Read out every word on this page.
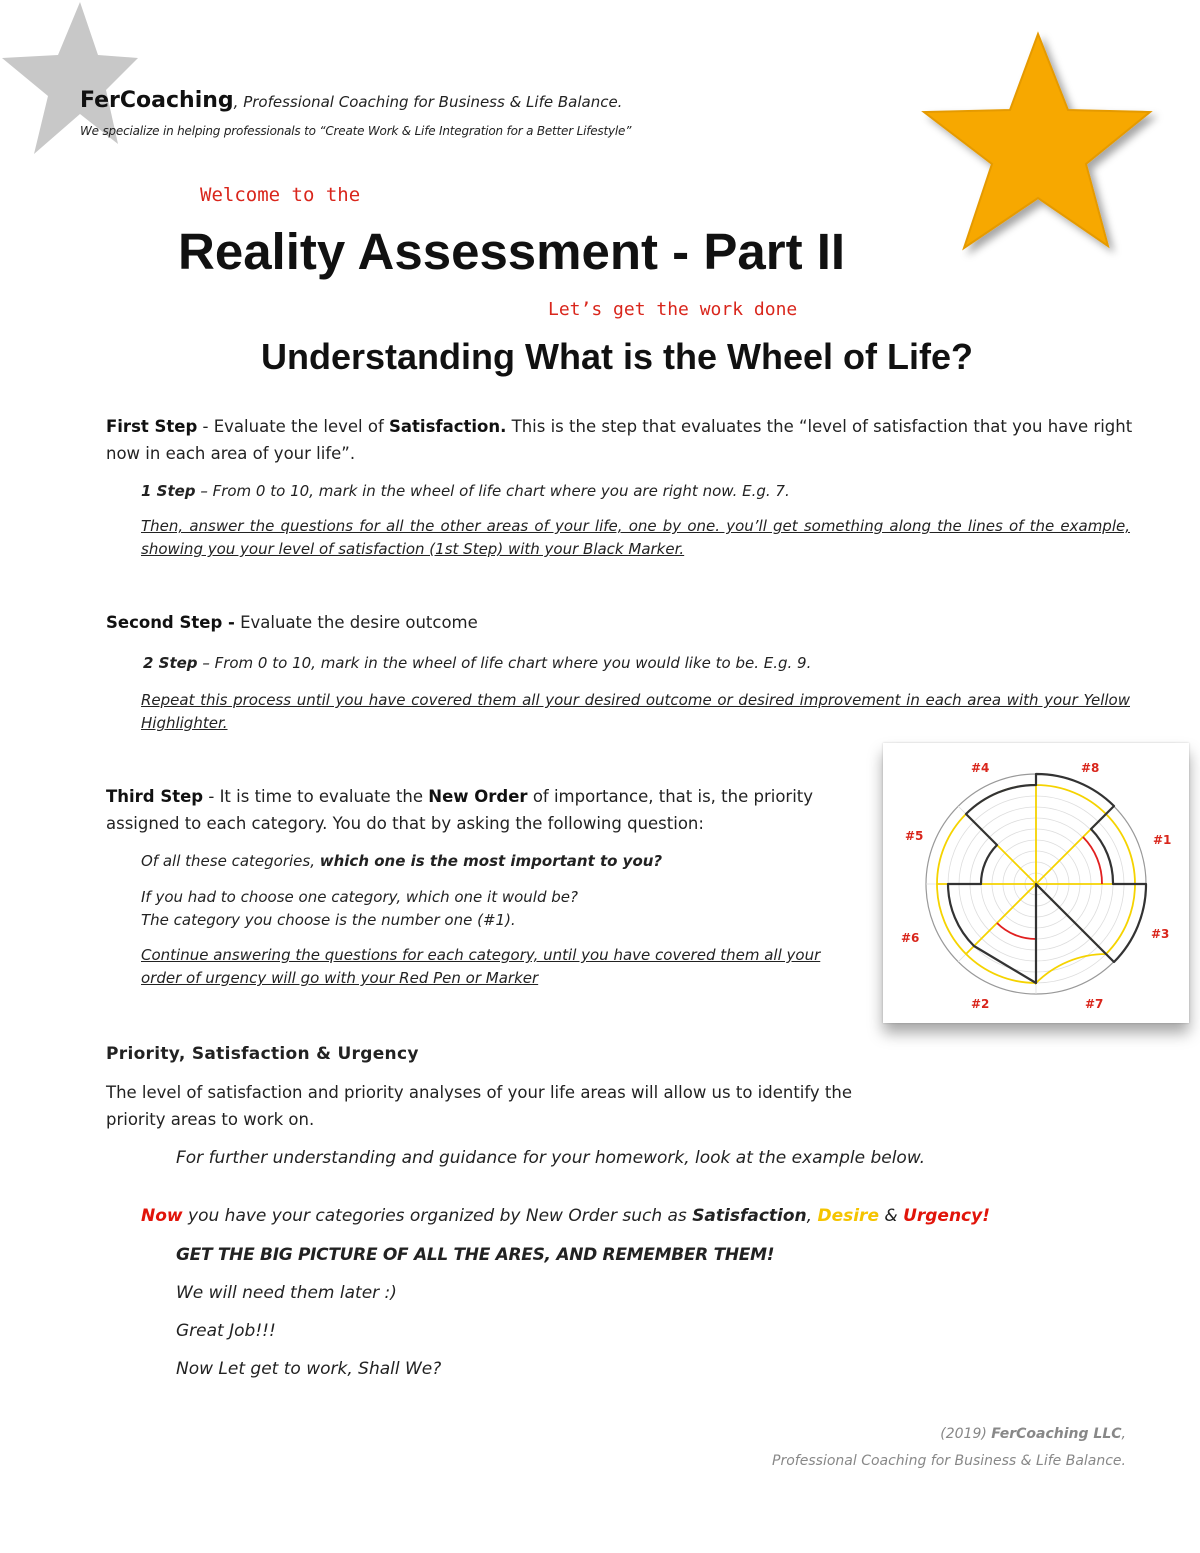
FerCoaching, Professional Coaching for Business & Life Balance.
We specialize in helping professionals to “Create Work & Life Integration for a Better Lifestyle”
Welcome to the
Reality Assessment - Part II
Let’s get the work done
Understanding What is the Wheel of Life?
First Step - Evaluate the level of Satisfaction. This is the step that evaluates the “level of satisfaction that you have right now in each area of your life”.
1 Step – From 0 to 10, mark in the wheel of life chart where you are right now. E.g. 7.
Then, answer the questions for all the other areas of your life, one by one. you’ll get something along the lines of the example, showing you your level of satisfaction (1st Step) with your Black Marker.
Second Step - Evaluate the desire outcome
2 Step – From 0 to 10, mark in the wheel of life chart where you would like to be. E.g. 9.
Repeat this process until you have covered them all your desired outcome or desired improvement in each area with your Yellow Highlighter.
Third Step - It is time to evaluate the New Order of importance, that is, the priority assigned to each category. You do that by asking the following question:
Of all these categories, which one is the most important to you?
If you had to choose one category, which one it would be?
The category you choose is the number one (#1).
Continue answering the questions for each category, until you have covered them all your order of urgency will go with your Red Pen or Marker
#4	#8
#5	#1
#6	#3
#2	#7
Priority, Satisfaction & Urgency
The level of satisfaction and priority analyses of your life areas will allow us to identify the priority areas to work on.
For further understanding and guidance for your homework, look at the example below.
Now you have your categories organized by New Order such as Satisfaction, Desire & Urgency!
GET THE BIG PICTURE OF ALL THE ARES, AND REMEMBER THEM!
We will need them later :)
Great Job!!!
Now Let get to work, Shall We?
(2019) FerCoaching LLC,
Professional Coaching for Business & Life Balance.
